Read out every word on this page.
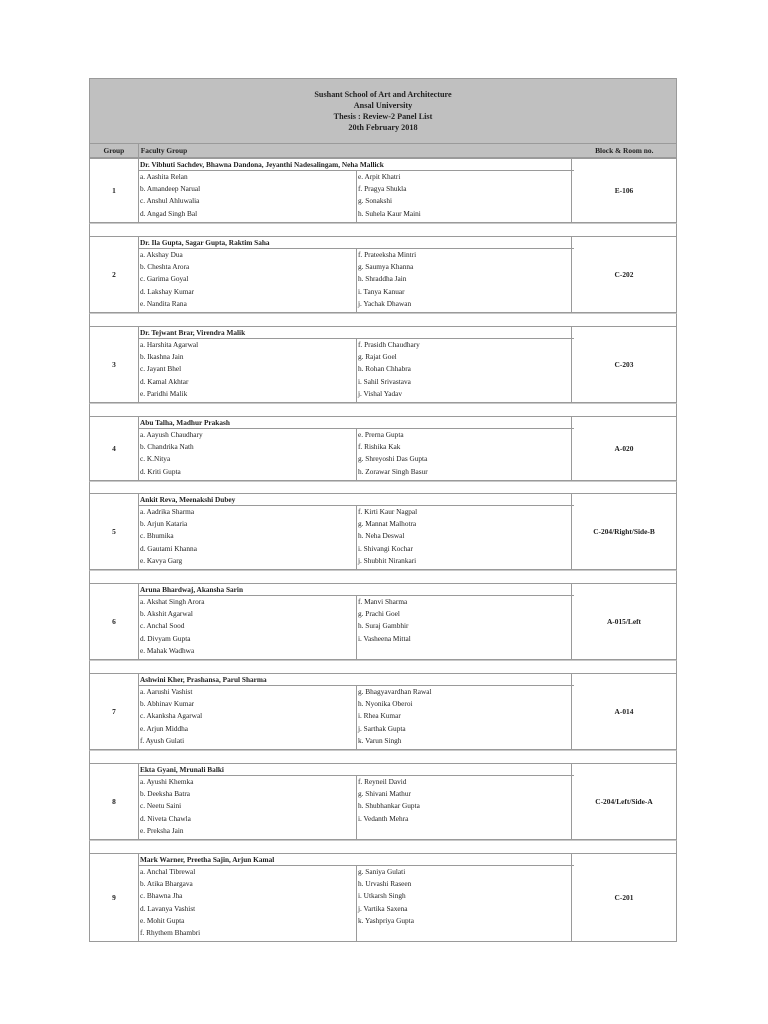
Sushant School of Art and Architecture
Ansal University
Thesis : Review-2 Panel List
20th February 2018
Group	Faculty Group	Block & Room no.
1
Dr. Vibhuti Sachdev, Bhawna Dandona, Jeyanthi Nadesalingam, Neha Mallick
a. Aashita Relan
b. Amandeep Narual
c. Anshul Ahluwalia
d. Angad Singh Bal
e. Arpit Khatri
f. Pragya Shukla
g. Sonakshi
h. Suhela Kaur Maini
E-106
2
Dr. Ila Gupta, Sagar Gupta, Raktim Saha
a. Akshay Dua
b. Cheshta Arora
c. Garima Goyal
d. Lakshay Kumar
e. Nandita Rana
f. Prateeksha Mintri
g. Saumya Khanna
h. Shraddha Jain
i. Tanya Kanuar
j. Yachak Dhawan
C-202
3
Dr. Tejwant Brar, Virendra Malik
a. Harshita Agarwal
b. Ikashna Jain
c. Jayant Bhel
d. Kamal Akhtar
e. Paridhi Malik
f. Prasidh Chaudhary
g. Rajat Goel
h. Rohan Chhabra
i. Sahil Srivastava
j. Vishal Yadav
C-203
4
Abu Talha, Madhur Prakash
a. Aayush Chaudhary
b. Chandrika Nath
c. K.Nitya
d. Kriti Gupta
e. Prerna Gupta
f. Rishika Kak
g. Shreyoshi Das Gupta
h. Zorawar Singh Basur
A-020
5
Ankit Reva, Meenakshi Dubey
a. Aadrika Sharma
b. Arjun Kataria
c. Bhumika
d. Gautami Khanna
e. Kavya Garg
f. Kirti Kaur Nagpal
g. Mannat Malhotra
h. Neha Deswal
i. Shivangi Kochar
j. Shubhit Nirankari
C-204/Right/Side-B
6
Aruna Bhardwaj, Akansha Sarin
a. Akshat Singh Arora
b. Akshit Agarwal
c. Anchal Sood
d. Divyam Gupta
e. Mahak Wadhwa
f. Manvi Sharma
g. Prachi Goel
h. Suraj Gambhir
i. Vasheena Mittal
A-015/Left
7
Ashwini Kher, Prashansa, Parul Sharma
a. Aarushi Vashist
b. Abhinav Kumar
c. Akanksha Agarwal
e. Arjun Middha
f. Ayush Gulati
g. Bhagyavardhan Rawal
h. Nyonika Oberoi
i. Rhea Kumar
j. Sarthak Gupta
k. Varun Singh
A-014
8
Ekta Gyani, Mrunali Balki
a. Ayushi Khemka
b. Deeksha Batra
c. Neetu Saini
d. Niveta Chawla
e. Preksha Jain
f. Reyneil David
g. Shivani Mathur
h. Shubhankar Gupta
i. Vedanth Mehra
C-204/Left/Side-A
9
Mark Warner, Preetha Sajin, Arjun Kamal
a. Anchal Tibrewal
b. Atika Bhargava
c. Bhawna Jha
d. Lavanya Vashist
e. Mohit Gupta
f. Rhythem Bhambri
g. Saniya Gulati
h. Urvashi Raseen
i. Utkarsh Singh
j. Vartika Saxena
k. Yashpriya Gupta
C-201
